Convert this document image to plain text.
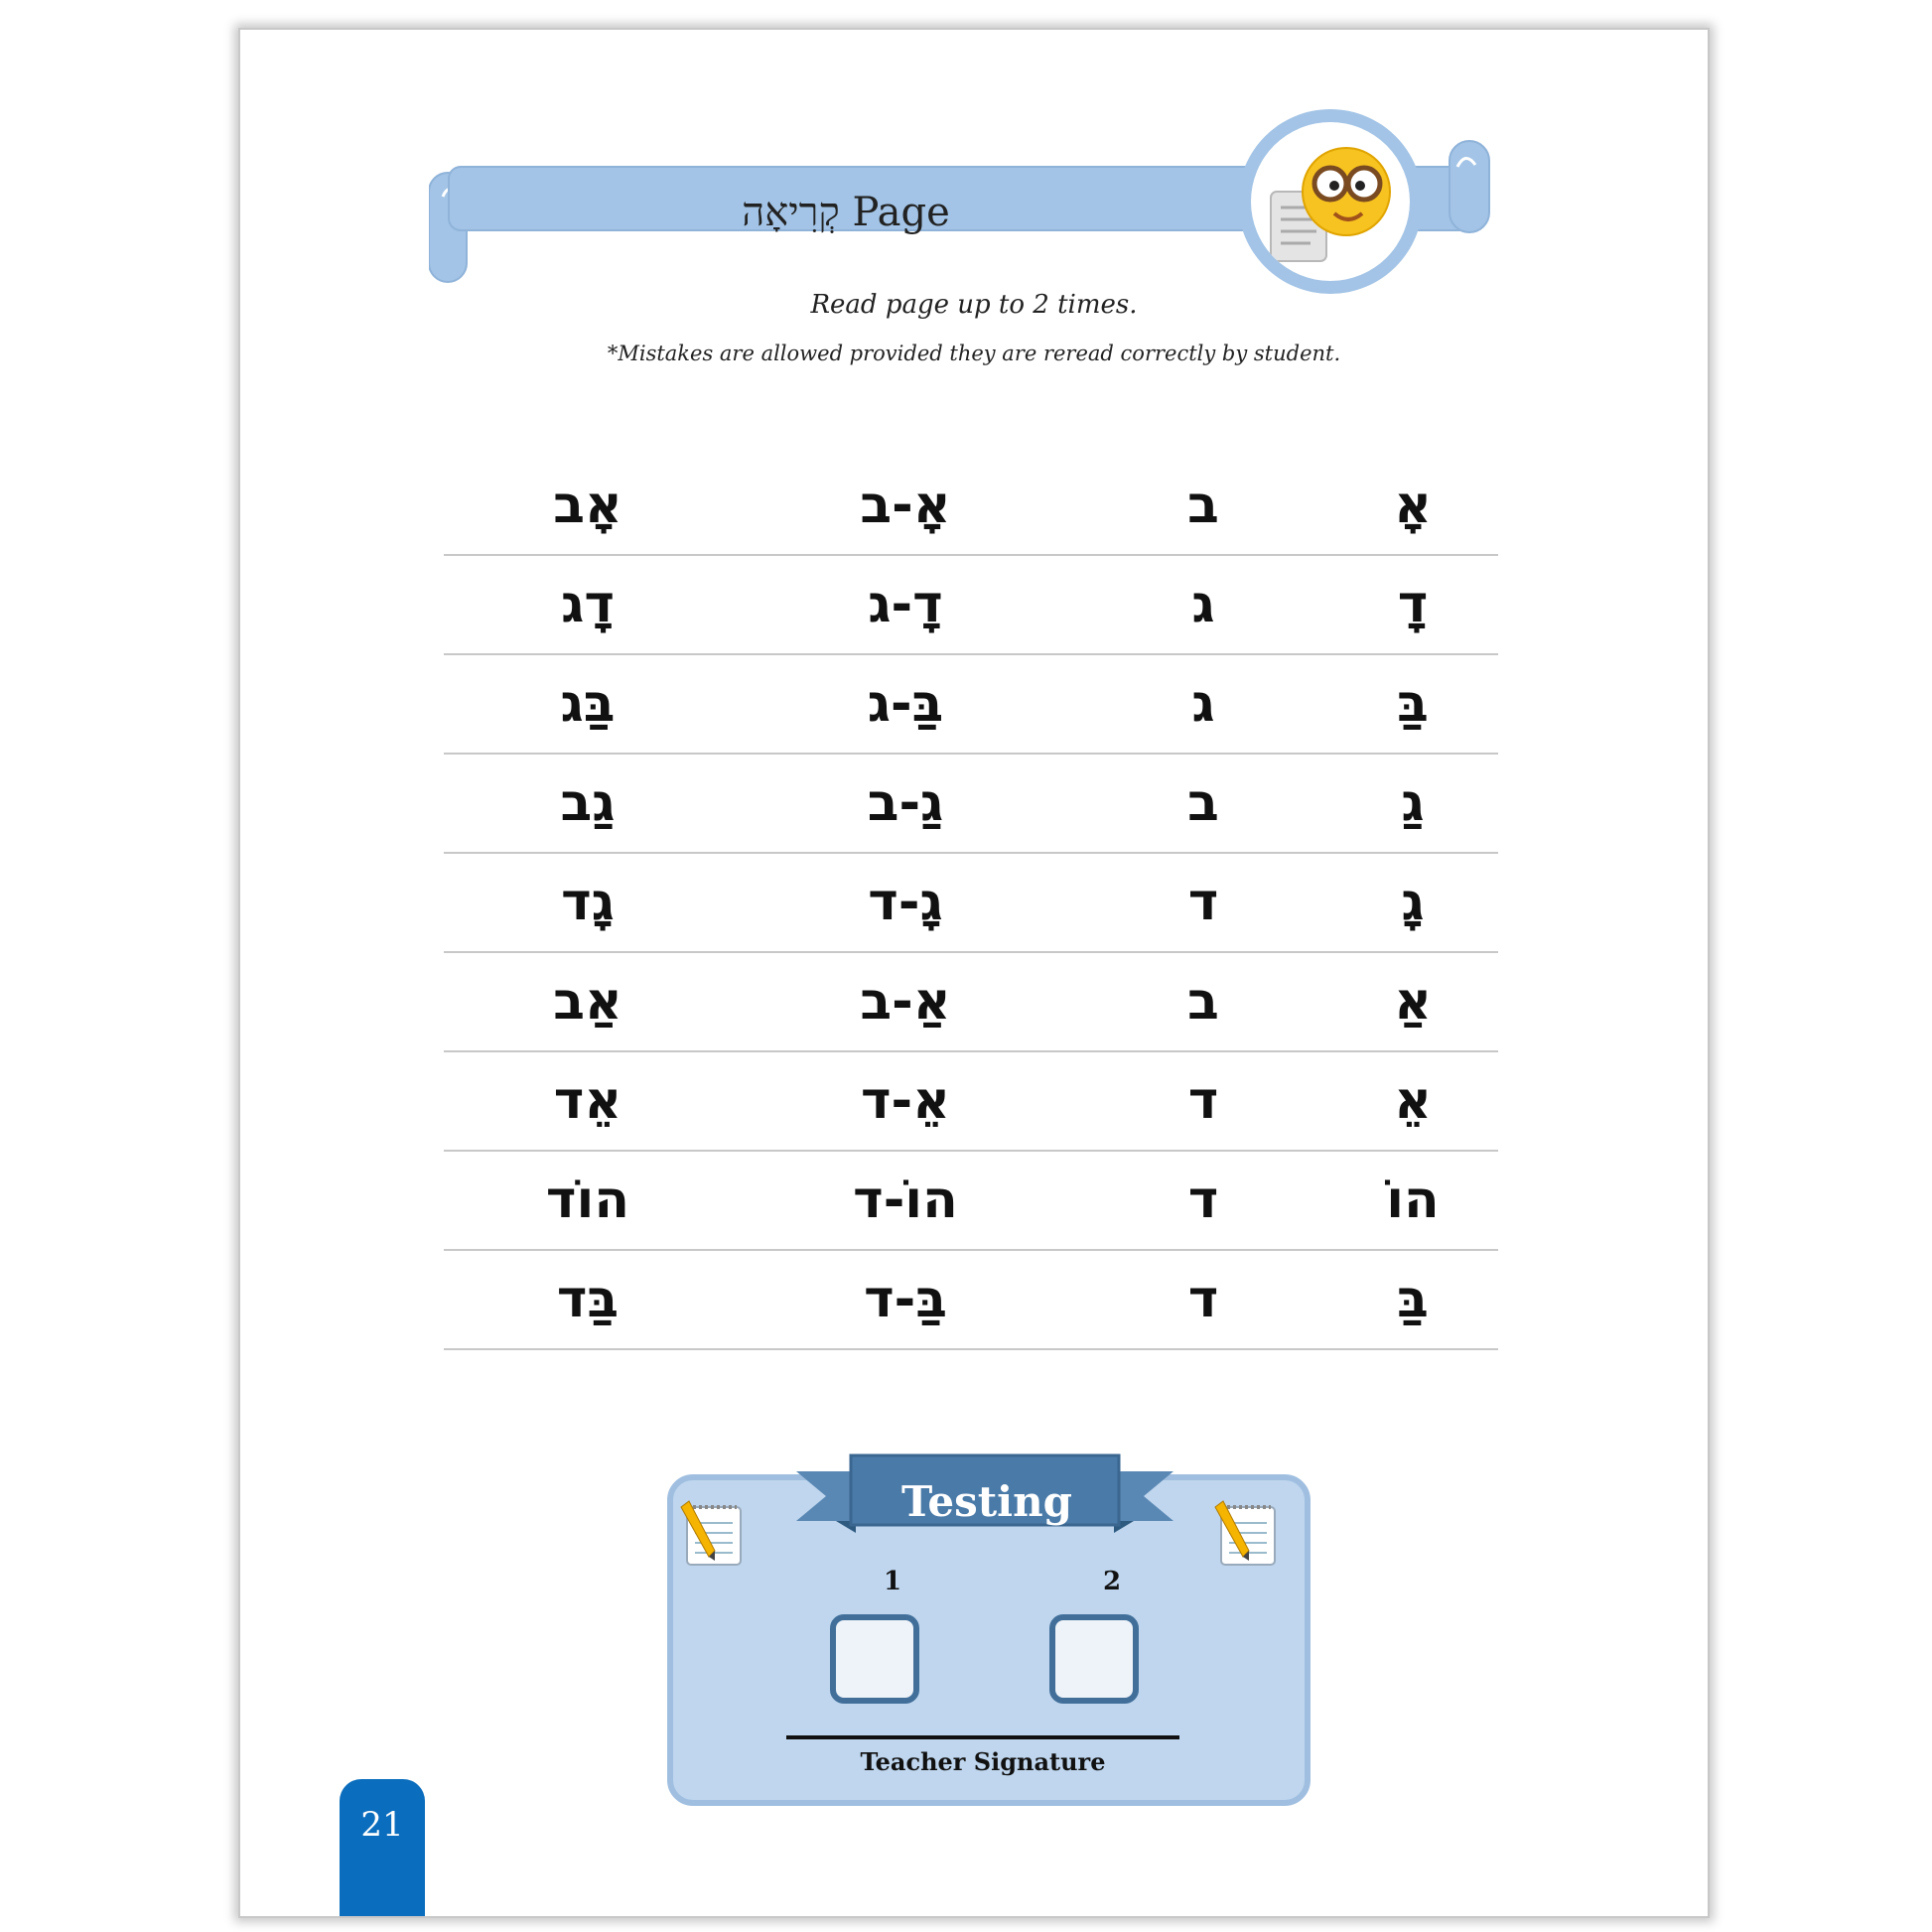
קְרִיאָה Page
Read page up to 2 times.
*Mistakes are allowed provided they are reread correctly by student.
אָב	אָ-ב	ב	אָ
דָג	דָ-ג	ג	דָ
בַּג	בַּ-ג	ג	בַּ
גַב	גַ-ב	ב	גַ
גָד	גָ-ד	ד	גָ
אַב	אַ-ב	ב	אַ
אֵד	אֵ-ד	ד	אֵ
הוֹד	הוֹ-ד	ד	הוֹ
בַּד	בַּ-ד	ד	בַּ
Testing
1	2
Teacher Signature
21
